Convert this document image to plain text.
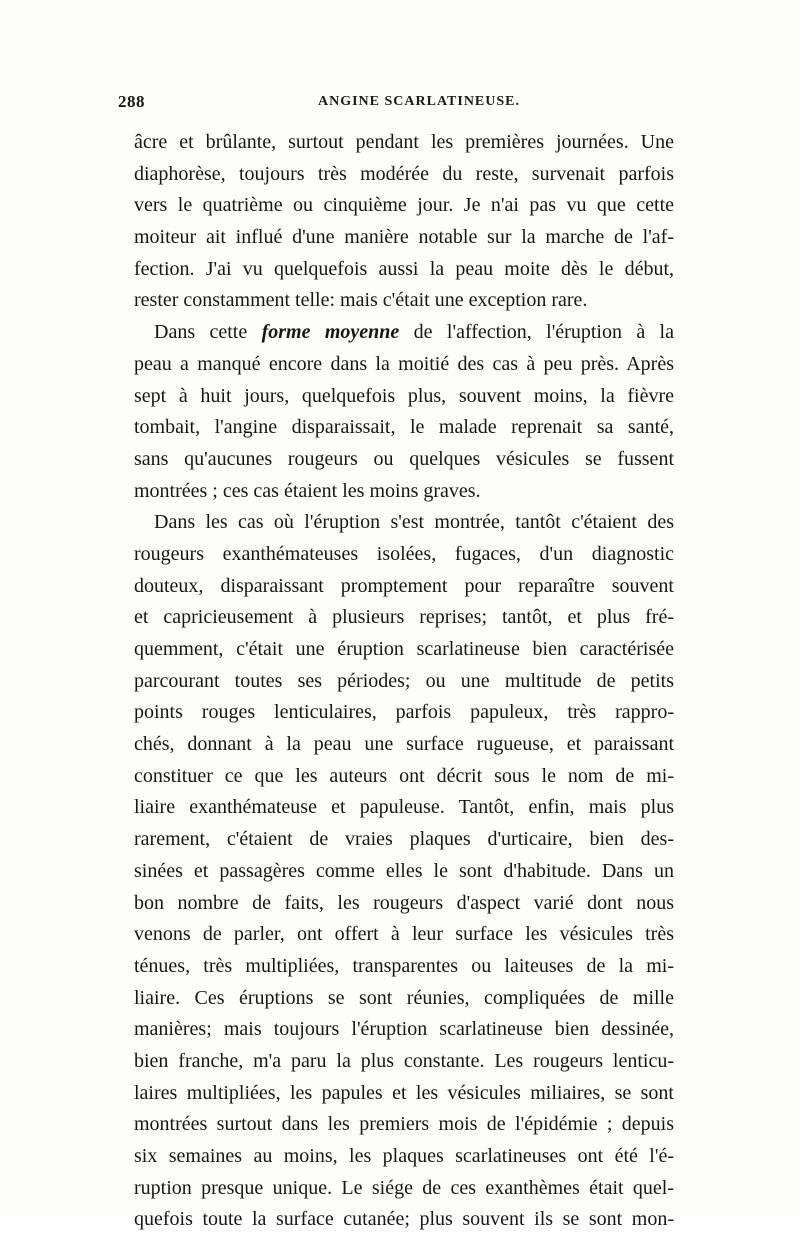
288	ANGINE SCARLATINEUSE.
âcre et brûlante, surtout pendant les premières journées. Une
diaphorèse, toujours très modérée du reste, survenait parfois
vers le quatrième ou cinquième jour. Je n'ai pas vu que cette
moiteur ait influé d'une manière notable sur la marche de l'af-
fection. J'ai vu quelquefois aussi la peau moite dès le début,
rester constamment telle: mais c'était une exception rare.
Dans cette forme moyenne de l'affection, l'éruption à la
peau a manqué encore dans la moitié des cas à peu près. Après
sept à huit jours, quelquefois plus, souvent moins, la fièvre
tombait, l'angine disparaissait, le malade reprenait sa santé,
sans qu'aucunes rougeurs ou quelques vésicules se fussent
montrées ; ces cas étaient les moins graves.
Dans les cas où l'éruption s'est montrée, tantôt c'étaient des
rougeurs exanthémateuses isolées, fugaces, d'un diagnostic
douteux, disparaissant promptement pour reparaître souvent
et capricieusement à plusieurs reprises; tantôt, et plus fré-
quemment, c'était une éruption scarlatineuse bien caractérisée
parcourant toutes ses périodes; ou une multitude de petits
points rouges lenticulaires, parfois papuleux, très rappro-
chés, donnant à la peau une surface rugueuse, et paraissant
constituer ce que les auteurs ont décrit sous le nom de mi-
liaire exanthémateuse et papuleuse. Tantôt, enfin, mais plus
rarement, c'étaient de vraies plaques d'urticaire, bien des-
sinées et passagères comme elles le sont d'habitude. Dans un
bon nombre de faits, les rougeurs d'aspect varié dont nous
venons de parler, ont offert à leur surface les vésicules très
ténues, très multipliées, transparentes ou laiteuses de la mi-
liaire. Ces éruptions se sont réunies, compliquées de mille
manières; mais toujours l'éruption scarlatineuse bien dessinée,
bien franche, m'a paru la plus constante. Les rougeurs lenticu-
laires multipliées, les papules et les vésicules miliaires, se sont
montrées surtout dans les premiers mois de l'épidémie ; depuis
six semaines au moins, les plaques scarlatineuses ont été l'é-
ruption presque unique. Le siége de ces exanthèmes était quel-
quefois toute la surface cutanée; plus souvent ils se sont mon-
